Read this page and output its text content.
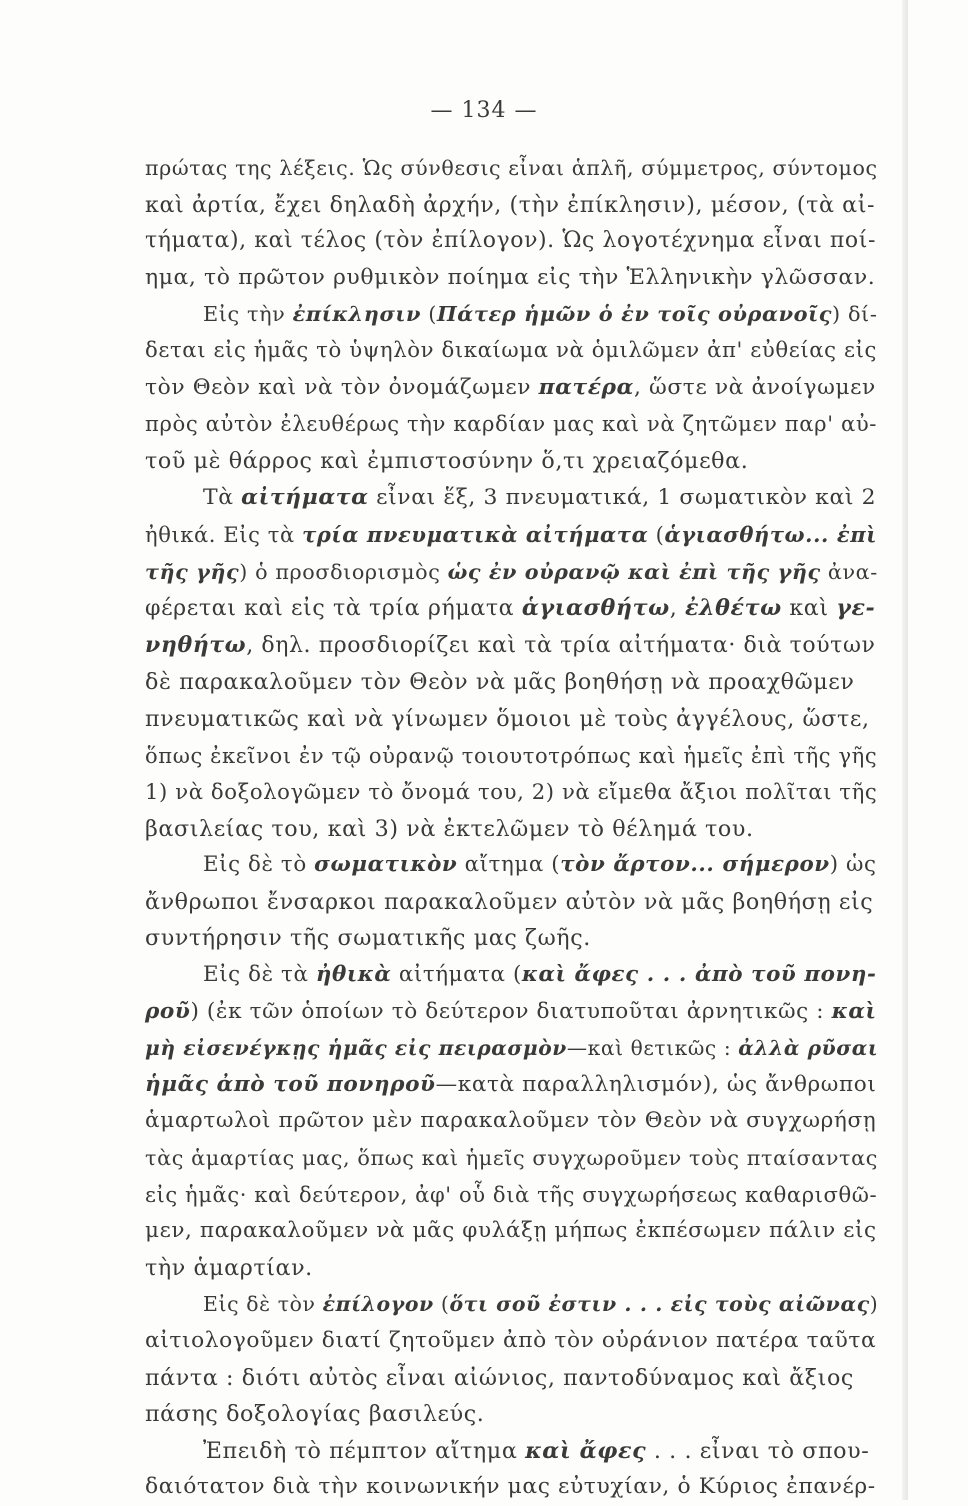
— 134 —
πρώτας της λέξεις. Ὡς σύνθεσις εἶναι ἁπλῆ, σύμμετρος, σύντομος
καὶ ἀρτία, ἔχει δηλαδὴ ἀρχήν, (τὴν ἐπίκλησιν), μέσον, (τὰ αἰ-
τήματα), καὶ τέλος (τὸν ἐπίλογον). Ὡς λογοτέχνημα εἶναι ποί-
ημα, τὸ πρῶτον ρυθμικὸν ποίημα εἰς τὴν Ἑλληνικὴν γλῶσσαν.
Εἰς τὴν ἐπίκλησιν (Πάτερ ἡμῶν ὁ ἐν τοῖς οὐρανοῖς) δί-
δεται εἰς ἡμᾶς τὸ ὑψηλὸν δικαίωμα νὰ ὁμιλῶμεν ἀπ' εὐθείας εἰς
τὸν Θεὸν καὶ νὰ τὸν ὀνομάζωμεν πατέρα, ὥστε νὰ ἀνοίγωμεν
πρὸς αὐτὸν ἐλευθέρως τὴν καρδίαν μας καὶ νὰ ζητῶμεν παρ' αὐ-
τοῦ μὲ θάρρος καὶ ἐμπιστοσύνην ὅ,τι χρειαζόμεθα.
Τὰ αἰτήματα εἶναι ἕξ, 3 πνευματικά, 1 σωματικὸν καὶ 2
ἠθικά. Εἰς τὰ τρία πνευματικὰ αἰτήματα (ἁγιασθήτω... ἐπὶ
τῆς γῆς) ὁ προσδιορισμὸς ὡς ἐν οὐρανῷ καὶ ἐπὶ τῆς γῆς ἀνα-
φέρεται καὶ εἰς τὰ τρία ρήματα ἁγιασθήτω, ἐλθέτω καὶ γε-
νηθήτω, δηλ. προσδιορίζει καὶ τὰ τρία αἰτήματα· διὰ τούτων
δὲ παρακαλοῦμεν τὸν Θεὸν νὰ μᾶς βοηθήσῃ νὰ προαχθῶμεν
πνευματικῶς καὶ νὰ γίνωμεν ὅμοιοι μὲ τοὺς ἀγγέλους, ὥστε,
ὅπως ἐκεῖνοι ἐν τῷ οὐρανῷ τοιουτοτρόπως καὶ ἡμεῖς ἐπὶ τῆς γῆς
1) νὰ δοξολογῶμεν τὸ ὄνομά του, 2) νὰ εἴμεθα ἄξιοι πολῖται τῆς
βασιλείας του, καὶ 3) νὰ ἐκτελῶμεν τὸ θέλημά του.
Εἰς δὲ τὸ σωματικὸν αἴτημα (τὸν ἄρτον... σήμερον) ὡς
ἄνθρωποι ἔνσαρκοι παρακαλοῦμεν αὐτὸν νὰ μᾶς βοηθήσῃ εἰς
συντήρησιν τῆς σωματικῆς μας ζωῆς.
Εἰς δὲ τὰ ἠθικὰ αἰτήματα (καὶ ἄφες . . . ἀπὸ τοῦ πονη-
ροῦ) (ἐκ τῶν ὁποίων τὸ δεύτερον διατυποῦται ἀρνητικῶς : καὶ
μὴ εἰσενέγκῃς ἡμᾶς εἰς πειρασμὸν—καὶ θετικῶς : ἀλλὰ ρῦσαι
ἡμᾶς ἀπὸ τοῦ πονηροῦ—κατὰ παραλληλισμόν), ὡς ἄνθρωποι
ἁμαρτωλοὶ πρῶτον μὲν παρακαλοῦμεν τὸν Θεὸν νὰ συγχωρήσῃ
τὰς ἁμαρτίας μας, ὅπως καὶ ἡμεῖς συγχωροῦμεν τοὺς πταίσαντας
εἰς ἡμᾶς· καὶ δεύτερον, ἀφ' οὗ διὰ τῆς συγχωρήσεως καθαρισθῶ-
μεν, παρακαλοῦμεν νὰ μᾶς φυλάξῃ μήπως ἐκπέσωμεν πάλιν εἰς
τὴν ἁμαρτίαν.
Εἰς δὲ τὸν ἐπίλογον (ὅτι σοῦ ἐστιν . . . εἰς τοὺς αἰῶνας)
αἰτιολογοῦμεν διατί ζητοῦμεν ἀπὸ τὸν οὐράνιον πατέρα ταῦτα
πάντα : διότι αὐτὸς εἶναι αἰώνιος, παντοδύναμος καὶ ἄξιος
πάσης δοξολογίας βασιλεύς.
Ἐπειδὴ τὸ πέμπτον αἴτημα καὶ ἄφες . . . εἶναι τὸ σπου-
δαιότατον διὰ τὴν κοινωνικήν μας εὐτυχίαν, ὁ Κύριος ἐπανέρ-
